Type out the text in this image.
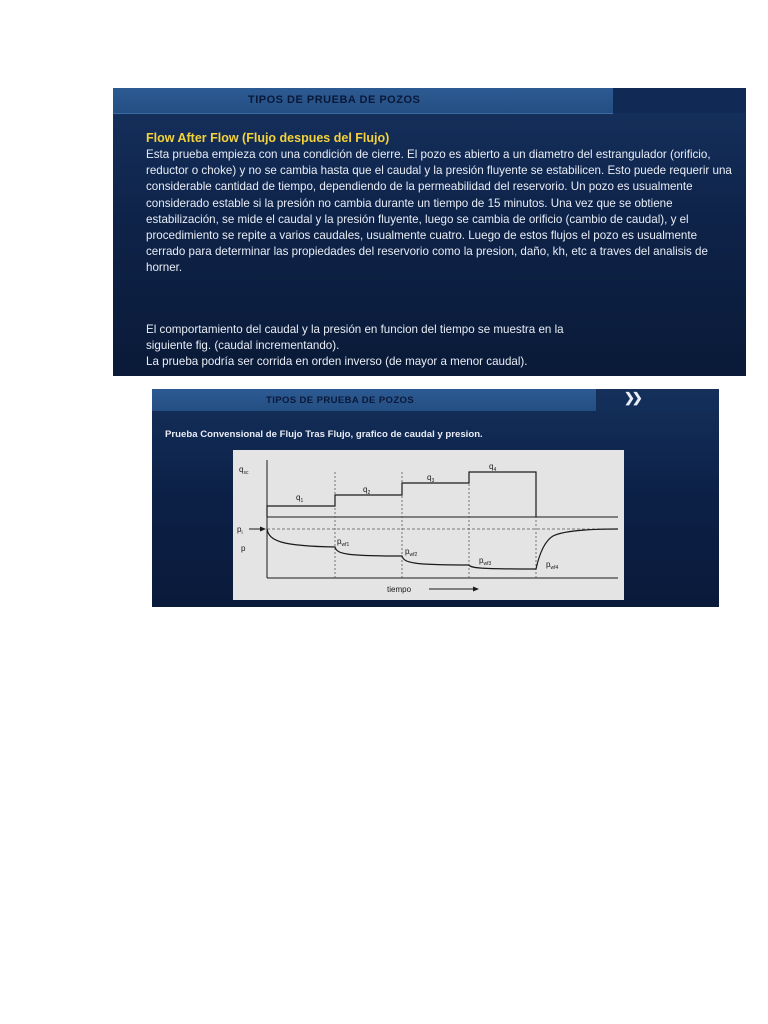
TIPOS DE PRUEBA DE POZOS
Flow After Flow (Flujo despues del Flujo)

Esta prueba empieza con una condición de cierre. El pozo es abierto a un diametro del estrangulador (orificio, reductor o choke) y no se cambia hasta que el caudal y la presión fluyente se estabilicen. Esto puede requerir una considerable cantidad de tiempo, dependiendo de la permeabilidad del reservorio. Un pozo es usualmente considerado estable si la presión no cambia durante un tiempo de 15 minutos. Una vez que se obtiene estabilización, se mide el caudal y la presión fluyente, luego se cambia de orificio (cambio de caudal), y el procedimiento se repite a varios caudales, usualmente cuatro. Luego de estos flujos el pozo es usualmente cerrado para determinar las propiedades del reservorio como la presion, daño, kh, etc a traves del analisis de horner.

El comportamiento del caudal y la presión en funcion del tiempo se muestra en la
siguiente fig. (caudal incrementando).
La prueba podría ser corrida en orden inverso (de mayor a menor caudal).
TIPOS DE PRUEBA DE POZOS	❯❯
Prueba Convensional de Flujo Tras Flujo, grafico de caudal y presion.
$q_{sc}$
$p_i$
p
tiempo
$q_1$
$q_2$
$q_3$
$q_4$
$p_{wf1}$
$p_{wf2}$
$p_{wf3}$	$p_{wf4}$
